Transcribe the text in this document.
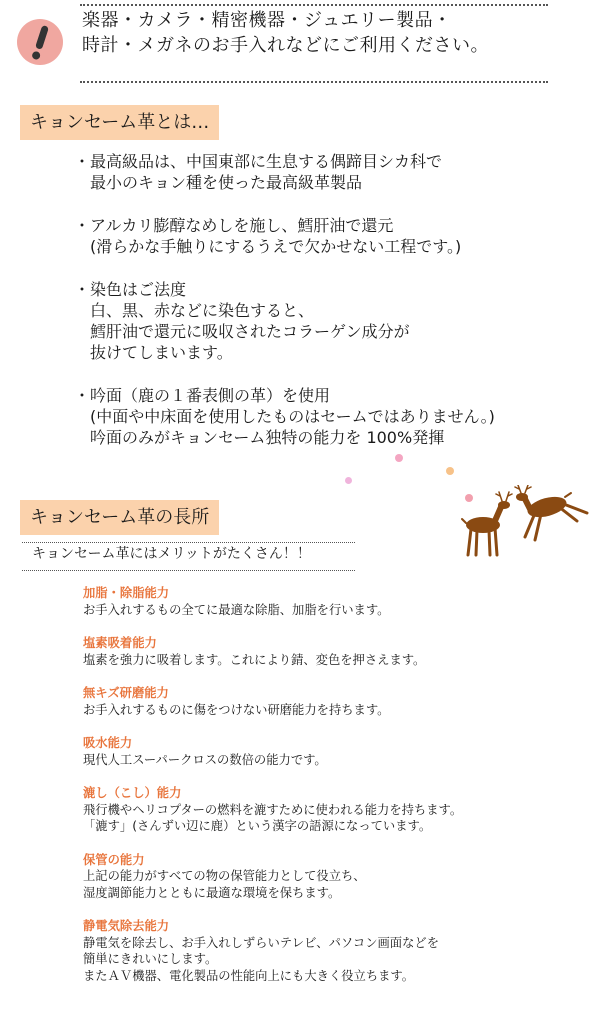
楽器・カメラ・精密機器・ジュエリー製品・
時計・メガネのお手入れなどにご利用ください。
キョンセーム革とは…

・最高級品は、中国東部に生息する偶蹄目シカ科で
　最小のキョン種を使った最高級革製品

・アルカリ膨醇なめしを施し、鱈肝油で還元
　(滑らかな手触りにするうえで欠かせない工程です。)

・染色はご法度
　白、黒、赤などに染色すると、
　鱈肝油で還元に吸収されたコラーゲン成分が
　抜けてしまいます。

・吟面（鹿の１番表側の革）を使用
　(中面や中床面を使用したものはセームではありません。)
　吟面のみがキョンセーム独特の能力を 100%発揮

キョンセーム革の長所
キョンセーム革にはメリットがたくさん！！
加脂・除脂能力
お手入れするもの全てに最適な除脂、加脂を行います。
塩素吸着能力
塩素を強力に吸着します。これにより錆、変色を押さえます。
無キズ研磨能力
お手入れするものに傷をつけない研磨能力を持ちます。
吸水能力
現代人工スーパークロスの数倍の能力です。
漉し（こし）能力
飛行機やヘリコプターの燃料を漉すために使われる能力を持ちます。
「漉す」(さんずい辺に鹿）という漢字の語源になっています。
保管の能力
上記の能力がすべての物の保管能力として役立ち、
湿度調節能力とともに最適な環境を保ちます。
静電気除去能力
静電気を除去し、お手入れしずらいテレビ、パソコン画面などを
簡単にきれいにします。
またＡＶ機器、電化製品の性能向上にも大きく役立ちます。
